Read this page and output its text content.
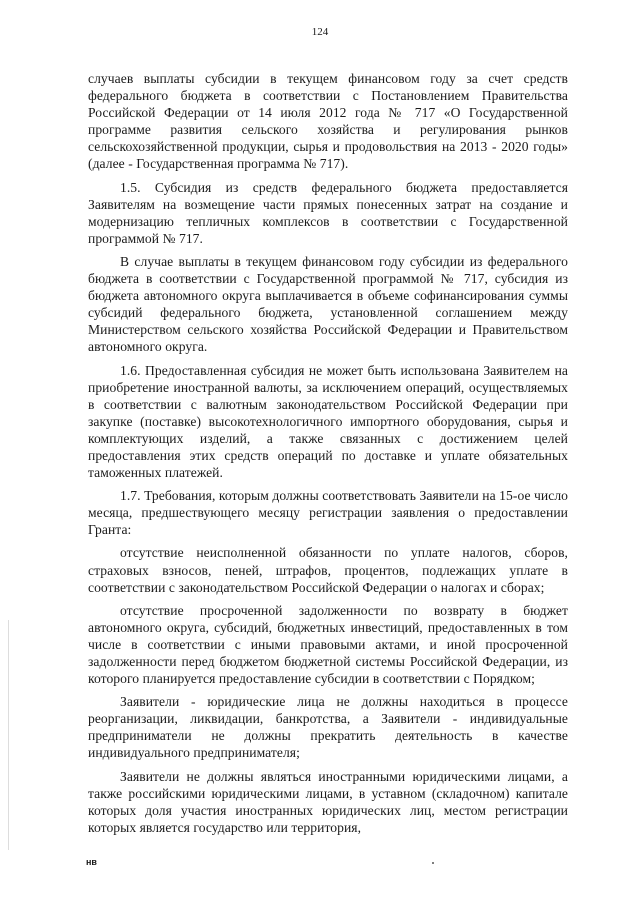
124

случаев выплаты субсидии в текущем финансовом году за счет средств федерального бюджета в соответствии с Постановлением Правительства Российской Федерации от 14 июля 2012 года № 717 «О Государственной программе развития сельского хозяйства и регулирования рынков сельскохозяйственной продукции, сырья и продовольствия на 2013 - 2020 годы» (далее - Государственная программа № 717).

1.5. Субсидия из средств федерального бюджета предоставляется Заявителям на возмещение части прямых понесенных затрат на создание и модернизацию тепличных комплексов в соответствии с Государственной программой № 717.

В случае выплаты в текущем финансовом году субсидии из федерального бюджета в соответствии с Государственной программой № 717, субсидия из бюджета автономного округа выплачивается в объеме софинансирования суммы субсидий федерального бюджета, установленной соглашением между Министерством сельского хозяйства Российской Федерации и Правительством автономного округа.

1.6. Предоставленная субсидия не может быть использована Заявителем на приобретение иностранной валюты, за исключением операций, осуществляемых в соответствии с валютным законодательством Российской Федерации при закупке (поставке) высокотехнологичного импортного оборудования, сырья и комплектующих изделий, а также связанных с достижением целей предоставления этих средств операций по доставке и уплате обязательных таможенных платежей.

1.7. Требования, которым должны соответствовать Заявители на 15-ое число месяца, предшествующего месяцу регистрации заявления о предоставлении Гранта:

отсутствие неисполненной обязанности по уплате налогов, сборов, страховых взносов, пеней, штрафов, процентов, подлежащих уплате в соответствии с законодательством Российской Федерации о налогах и сборах;

отсутствие просроченной задолженности по возврату в бюджет автономного округа, субсидий, бюджетных инвестиций, предоставленных в том числе в соответствии с иными правовыми актами, и иной просроченной задолженности перед бюджетом бюджетной системы Российской Федерации, из которого планируется предоставление субсидии в соответствии с Порядком;

Заявители - юридические лица не должны находиться в процессе реорганизации, ликвидации, банкротства, а Заявители - индивидуальные предприниматели не должны прекратить деятельность в качестве индивидуального предпринимателя;

Заявители не должны являться иностранными юридическими лицами, а также российскими юридическими лицами, в уставном (складочном) капитале которых доля участия иностранных юридических лиц, местом регистрации которых является государство или территория,

нв
